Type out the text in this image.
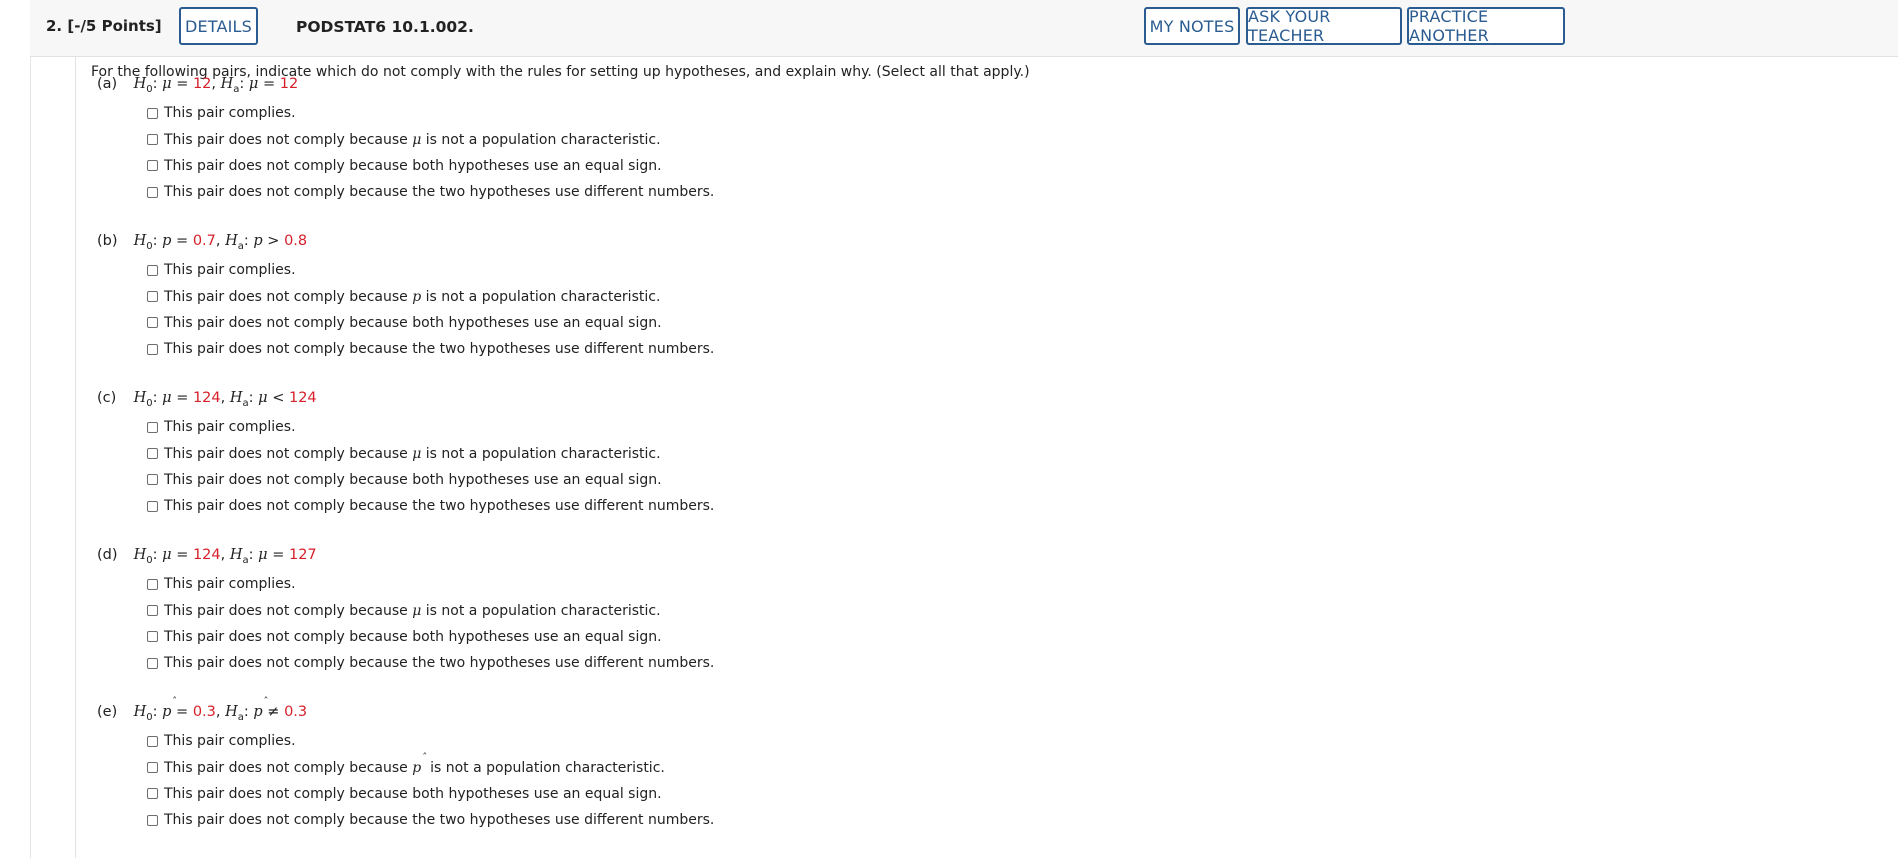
2. [-/5 Points]	DETAILS	PODSTAT6 10.1.002.	MY NOTES ASK YOUR TEACHER
PRACTICE ANOTHER
For the following pairs, indicate which do not comply with the rules for setting up hypotheses, and explain why. (Select all that apply.)
(a) $H_0$: μ = 12, $H_a$: μ = 12
This pair complies.
This pair does not comply because
μ
is not a population characteristic.
This pair does not comply because both hypotheses use an equal sign.
This pair does not comply because the two hypotheses use different numbers.
(b) $H_0$: p = 0.7, $H_a$: p > 0.8
This pair complies.
This pair does not comply because
p
is not a population characteristic.
This pair does not comply because both hypotheses use an equal sign.
This pair does not comply because the two hypotheses use different numbers.
(c) $H_0$: μ = 124, $H_a$: μ < 124
This pair complies.
This pair does not comply because
μ
is not a population characteristic.
This pair does not comply because both hypotheses use an equal sign.
This pair does not comply because the two hypotheses use different numbers.
(d) $H_0$: μ = 124, $H_a$: μ = 127
This pair complies.
This pair does not comply because
μ
is not a population characteristic.
This pair does not comply because both hypotheses use an equal sign.
This pair does not comply because the two hypotheses use different numbers.
(e) $H_0$: p
ˆ
= 0.3, $H_a$: p
ˆ
≠ 0.3
This pair complies.
This pair does not comply because
p
ˆ

is not a population characteristic.
This pair does not comply because both hypotheses use an equal sign.
This pair does not comply because the two hypotheses use different numbers.
